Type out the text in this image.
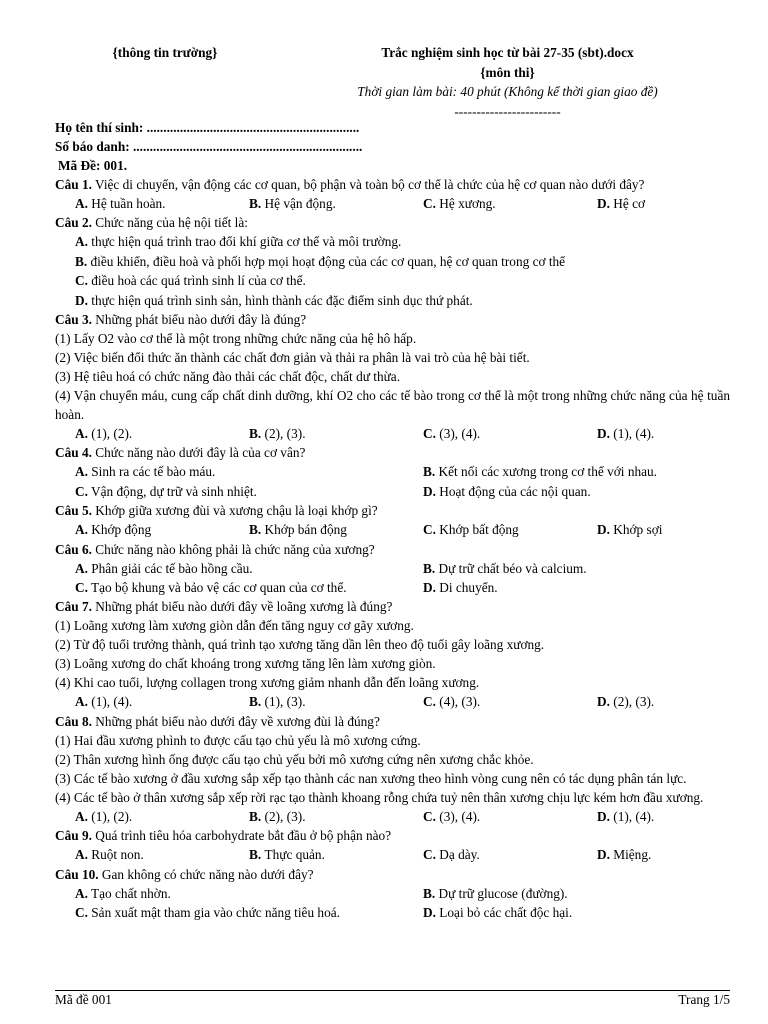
{thông tin trường}	Trắc nghiệm sinh học từ bài 27-35 (sbt).docx
{môn thi}
Thời gian làm bài: 40 phút (Không kể thời gian giao đề)
------------------------
Họ tên thí sinh: ................................................................
Số báo danh: .....................................................................
Mã Đề: 001.
Câu 1. Việc di chuyển, vận động các cơ quan, bộ phận và toàn bộ cơ thể là chức của hệ cơ quan nào dưới đây?
A. Hệ tuần hoàn.	B. Hệ vận động.	C. Hệ xương.	D. Hệ cơ
Câu 2. Chức năng của hệ nội tiết là:
A. thực hiện quá trình trao đổi khí giữa cơ thể và môi trường.
B. điều khiển, điều hoà và phối hợp mọi hoạt động của các cơ quan, hệ cơ quan trong cơ thể
C. điều hoà các quá trình sinh lí của cơ thể.
D. thực hiện quá trình sinh sản, hình thành các đặc điểm sinh dục thứ phát.
Câu 3. Những phát biểu nào dưới đây là đúng?
(1) Lấy O2 vào cơ thể là một trong những chức năng của hệ hô hấp.
(2) Việc biến đổi thức ăn thành các chất đơn giản và thải ra phân là vai trò của hệ bài tiết.
(3) Hệ tiêu hoá có chức năng đào thải các chất độc, chất dư thừa.
(4) Vận chuyển máu, cung cấp chất dinh dưỡng, khí O2 cho các tế bào trong cơ thể là một trong những chức năng của hệ tuần hoàn.
A. (1), (2).	B. (2), (3).	C. (3), (4).	D. (1), (4).
Câu 4. Chức năng nào dưới đây là của cơ vân?
A. Sinh ra các tế bào máu.	B. Kết nối các xương trong cơ thể với nhau.
C. Vận động, dự trữ và sinh nhiệt.	D. Hoạt động của các nội quan.
Câu 5. Khớp giữa xương đùi và xương chậu là loại khớp gì?
A. Khớp động	B. Khớp bán động	C. Khớp bất động	D. Khớp sợi
Câu 6. Chức năng nào không phải là chức năng của xương?
A. Phân giải các tế bào hồng cầu.	B. Dự trữ chất béo và calcium.
C. Tạo bộ khung và bảo vệ các cơ quan của cơ thể.	D. Di chuyển.
Câu 7. Những phát biểu nào dưới đây về loãng xương là đúng?
(1) Loãng xương làm xương giòn dẫn đến tăng nguy cơ gãy xương.
(2) Từ độ tuổi trưởng thành, quá trình tạo xương tăng dần lên theo độ tuổi gây loãng xương.
(3) Loãng xương do chất khoáng trong xương tăng lên làm xương giòn.
(4) Khi cao tuổi, lượng collagen trong xương giảm nhanh dẫn đến loãng xương.
A. (1), (4).	B. (1), (3).	C. (4), (3).	D. (2), (3).
Câu 8. Những phát biểu nào dưới đây về xương đùi là đúng?
(1) Hai đầu xương phình to được cấu tạo chủ yếu là mô xương cứng.
(2) Thân xương hình ống được cấu tạo chủ yếu bởi mô xương cứng nên xương chắc khỏe.
(3) Các tế bào xương ở đầu xương sắp xếp tạo thành các nan xương theo hình vòng cung nên có tác dụng phân tán lực.
(4) Các tế bào ở thân xương sắp xếp rời rạc tạo thành khoang rỗng chứa tuỷ nên thân xương chịu lực kém hơn đầu xương.
A. (1), (2).	B. (2), (3).	C. (3), (4).	D. (1), (4).
Câu 9. Quá trình tiêu hóa carbohydrate bắt đầu ở bộ phận nào?
A. Ruột non.	B. Thực quản.	C. Dạ dày.	D. Miệng.
Câu 10. Gan không có chức năng nào dưới đây?
A. Tạo chất nhờn.	B. Dự trữ glucose (đường).
C. Sản xuất mật tham gia vào chức năng tiêu hoá.	D. Loại bỏ các chất độc hại.
Mã đề 001	Trang 1/5
